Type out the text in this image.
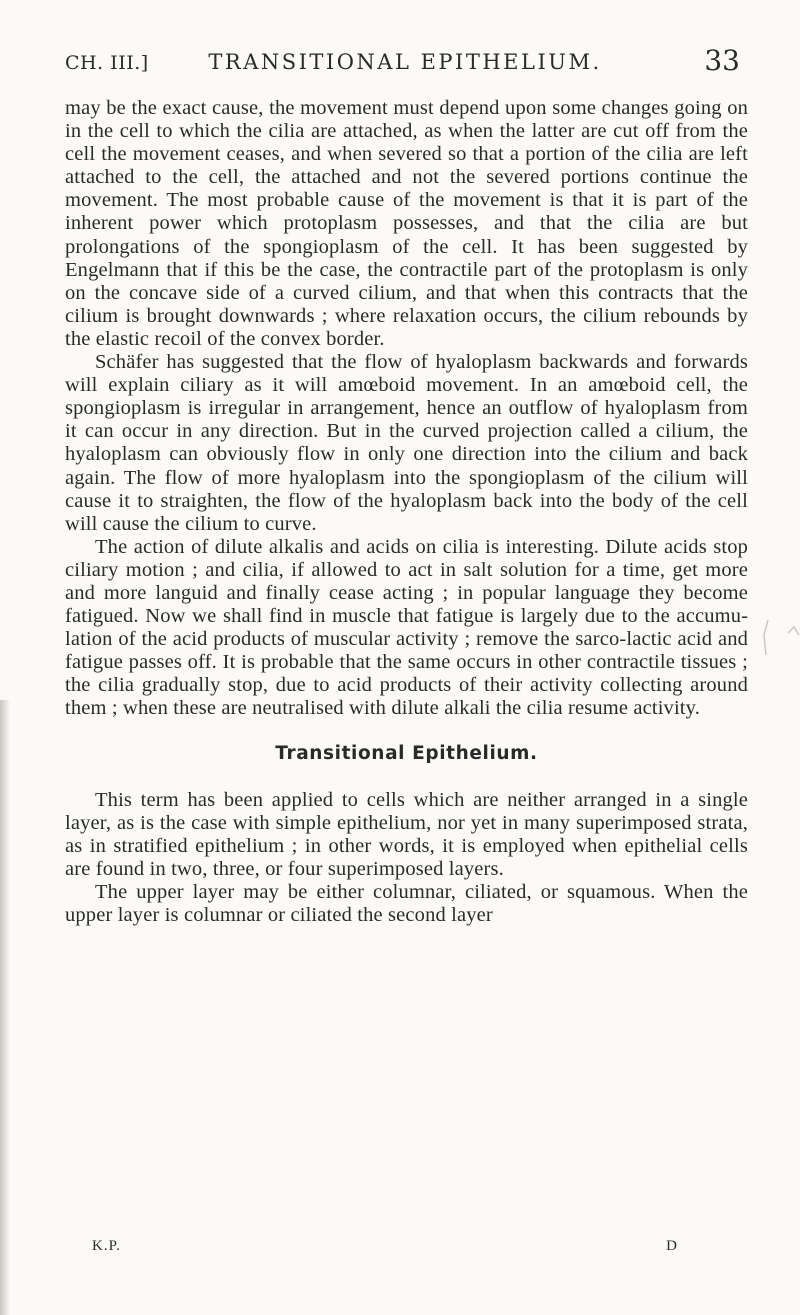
CH. III.]	TRANSITIONAL EPITHELIUM.	33

may be the exact cause, the movement must depend upon some changes going on in the cell to which the cilia are attached, as when the latter are cut off from the cell the movement ceases, and when severed so that a portion of the cilia are left attached to the cell, the attached and not the severed portions continue the movement. The most probable cause of the movement is that it is part of the inherent power which protoplasm possesses, and that the cilia are but prolongations of the spongioplasm of the cell. It has been suggested by Engelmann that if this be the case, the contractile part of the protoplasm is only on the concave side of a curved cilium, and that when this contracts that the cilium is brought downwards ; where relaxation occurs, the cilium rebounds by the elastic recoil of the convex border.

Schäfer has suggested that the flow of hyaloplasm backwards and forwards will explain ciliary as it will amœboid movement. In an amœboid cell, the spongioplasm is irregular in arrangement, hence an outflow of hyaloplasm from it can occur in any direction. But in the curved projection called a cilium, the hyaloplasm can obviously flow in only one direction into the cilium and back again. The flow of more hyaloplasm into the spongioplasm of the cilium will cause it to straighten, the flow of the hyaloplasm back into the body of the cell will cause the cilium to curve.

The action of dilute alkalis and acids on cilia is interesting. Dilute acids stop ciliary motion ; and cilia, if allowed to act in salt solution for a time, get more and more languid and finally cease acting ; in popular language they become fatigued. Now we shall find in muscle that fatigue is largely due to the accumulation of the acid products of muscular activity ; remove the sarco-lactic acid and fatigue passes off. It is probable that the same occurs in other contractile tissues ; the cilia gradually stop, due to acid products of their activity collecting around them ; when these are neutralised with dilute alkali the cilia resume activity.

Transitional Epithelium.

This term has been applied to cells which are neither arranged in a single layer, as is the case with simple epithelium, nor yet in many superimposed strata, as in stratified epithelium ; in other words, it is employed when epithelial cells are found in two, three, or four superimposed layers.

The upper layer may be either columnar, ciliated, or squamous. When the upper layer is columnar or ciliated the second layer

K.P.	D
